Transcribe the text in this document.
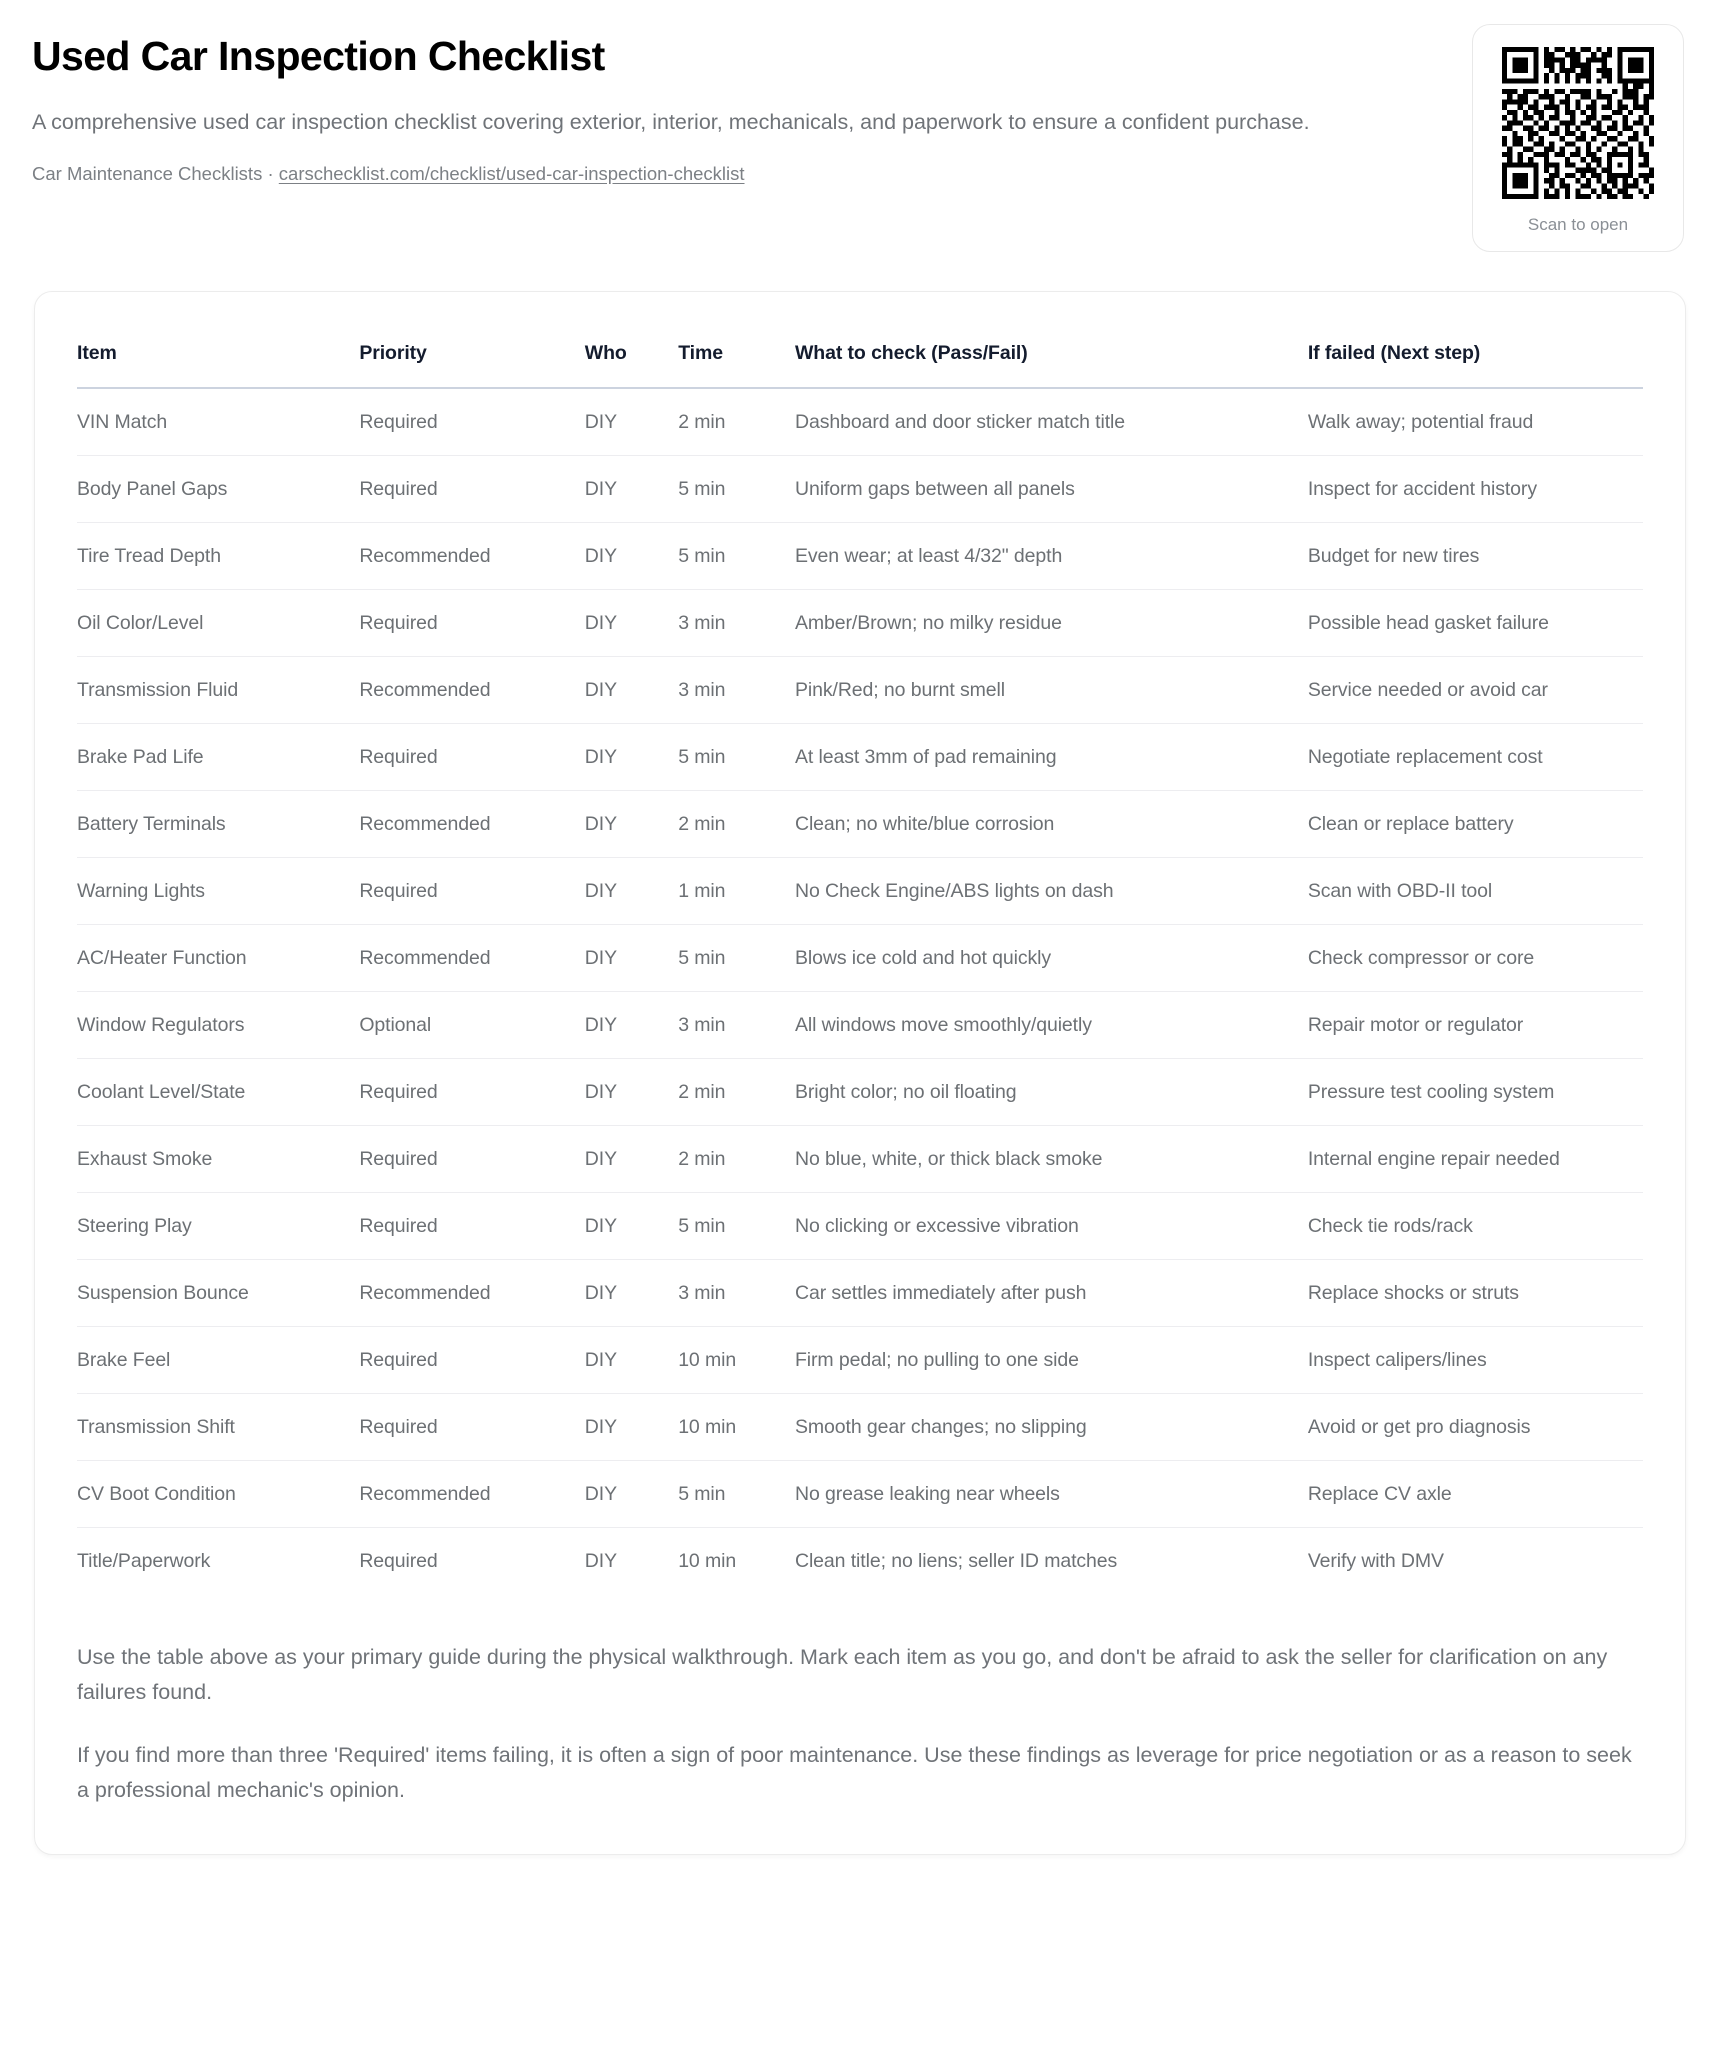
Used Car Inspection Checklist

A comprehensive used car inspection checklist covering exterior, interior, mechanicals, and paperwork to ensure a confident purchase.

Car Maintenance Checklists · carschecklist.com/checklist/used-car-inspection-checklist
Scan to open
Item	Priority	Who	Time	What to check (Pass/Fail)	If failed (Next step)
VIN Match	Required	DIY	2 min	Dashboard and door sticker match title	Walk away; potential fraud
Body Panel Gaps	Required	DIY	5 min	Uniform gaps between all panels	Inspect for accident history
Tire Tread Depth	Recommended	DIY	5 min	Even wear; at least 4/32" depth	Budget for new tires
Oil Color/Level	Required	DIY	3 min	Amber/Brown; no milky residue	Possible head gasket failure
Transmission Fluid	Recommended	DIY	3 min	Pink/Red; no burnt smell	Service needed or avoid car
Brake Pad Life	Required	DIY	5 min	At least 3mm of pad remaining	Negotiate replacement cost
Battery Terminals	Recommended	DIY	2 min	Clean; no white/blue corrosion	Clean or replace battery
Warning Lights	Required	DIY	1 min	No Check Engine/ABS lights on dash	Scan with OBD-II tool
AC/Heater Function	Recommended	DIY	5 min	Blows ice cold and hot quickly	Check compressor or core
Window Regulators	Optional	DIY	3 min	All windows move smoothly/quietly	Repair motor or regulator
Coolant Level/State	Required	DIY	2 min	Bright color; no oil floating	Pressure test cooling system
Exhaust Smoke	Required	DIY	2 min	No blue, white, or thick black smoke	Internal engine repair needed
Steering Play	Required	DIY	5 min	No clicking or excessive vibration	Check tie rods/rack
Suspension Bounce	Recommended	DIY	3 min	Car settles immediately after push	Replace shocks or struts
Brake Feel	Required	DIY	10 min	Firm pedal; no pulling to one side	Inspect calipers/lines
Transmission Shift	Required	DIY	10 min	Smooth gear changes; no slipping	Avoid or get pro diagnosis
CV Boot Condition	Recommended	DIY	5 min	No grease leaking near wheels	Replace CV axle
Title/Paperwork	Required	DIY	10 min	Clean title; no liens; seller ID matches	Verify with DMV

Use the table above as your primary guide during the physical walkthrough. Mark each item as you go, and don't be afraid to ask the seller for clarification on any failures found.

If you find more than three 'Required' items failing, it is often a sign of poor maintenance. Use these findings as leverage for price negotiation or as a reason to seek a professional mechanic's opinion.
